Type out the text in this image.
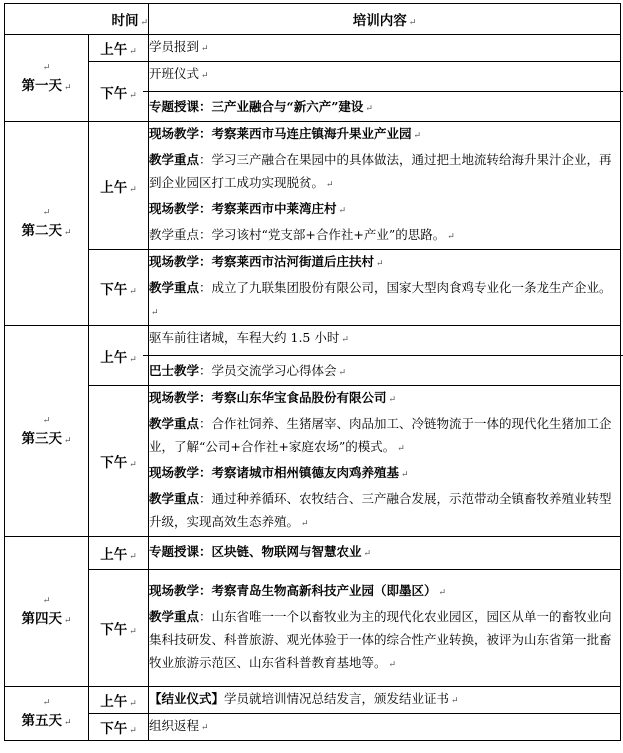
时间 ↵		培训内容 ↵

↵
第一天 ↵	上午 ↵	学员报到 ↵

	下午 ↵	开班仪式 ↵
专题授课：三产业融合与“新六产”建设 ↵

↵
第二天 ↵	上午 ↵	现场教学：考察莱西市马连庄镇海升果业产业园 ↵
教学重点：学习三产融合在果园中的具体做法，通过把土地流转给海升果汁企业，再到企业园区打工成功实现脱贫。 ↵
现场教学：考察莱西市中莱湾庄村 ↵
教学重点：学习该村“党支部+合作社+产业”的思路。 ↵

	下午 ↵	现场教学：考察莱西市沽河街道后庄扶村 ↵
教学重点：成立了九联集团股份有限公司，国家大型肉食鸡专业化一条龙生产企业。↵

↵
第三天 ↵	上午 ↵	驱车前往诸城，车程大约 1.5 小时 ↵
巴士教学：学员交流学习心得体会 ↵

	下午 ↵	现场教学：考察山东华宝食品股份有限公司 ↵
教学重点：合作社饲养、生猪屠宰、肉品加工、冷链物流于一体的现代化生猪加工企业，了解“公司+合作社+家庭农场”的模式。 ↵
现场教学：考察诸城市相州镇德友肉鸡养殖基 ↵
教学重点：通过种养循环、农牧结合、三产融合发展，示范带动全镇畜牧养殖业转型升级，实现高效生态养殖。 ↵

↵
第四天 ↵	上午 ↵	专题授课：区块链、物联网与智慧农业 ↵

	下午 ↵	现场教学：考察青岛生物高新科技产业园（即墨区） ↵
教学重点：山东省唯一一个以畜牧业为主的现代化农业园区，园区从单一的畜牧业向集科技研发、科普旅游、观光体验于一体的综合性产业转换，被评为山东省第一批畜牧业旅游示范区、山东省科普教育基地等。 ↵

↵
第五天 ↵	上午 ↵	【结业仪式】学员就培训情况总结发言，颁发结业证书 ↵

	下午 ↵	组织返程 ↵
